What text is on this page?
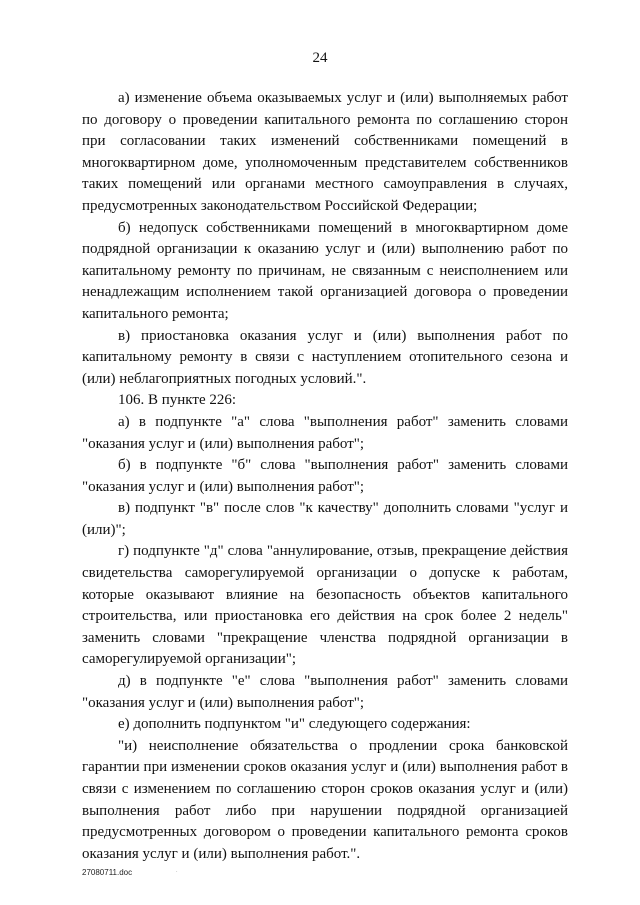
24

а) изменение объема оказываемых услуг и (или) выполняемых работ по договору о проведении капитального ремонта по соглашению сторон при согласовании таких изменений собственниками помещений в многоквартирном доме, уполномоченным представителем собственников таких помещений или органами местного самоуправления в случаях, предусмотренных законодательством Российской Федерации;

б) недопуск собственниками помещений в многоквартирном доме подрядной организации к оказанию услуг и (или) выполнению работ по капитальному ремонту по причинам, не связанным с неисполнением или ненадлежащим исполнением такой организацией договора о проведении капитального ремонта;

в) приостановка оказания услуг и (или) выполнения работ по капитальному ремонту в связи с наступлением отопительного сезона и (или) неблагоприятных погодных условий.".

106. В пункте 226:

а) в подпункте "а" слова "выполнения работ" заменить словами "оказания услуг и (или) выполнения работ";

б) в подпункте "б" слова "выполнения работ" заменить словами "оказания услуг и (или) выполнения работ";

в) подпункт "в" после слов "к качеству" дополнить словами "услуг и (или)";

г) подпункте "д" слова "аннулирование, отзыв, прекращение действия свидетельства саморегулируемой организации о допуске к работам, которые оказывают влияние на безопасность объектов капитального строительства, или приостановка его действия на срок более 2 недель" заменить словами "прекращение членства подрядной организации в саморегулируемой организации";

д) в подпункте "е" слова "выполнения работ" заменить словами "оказания услуг и (или) выполнения работ";

е) дополнить подпунктом "и" следующего содержания:

"и) неисполнение обязательства о продлении срока банковской гарантии при изменении сроков оказания услуг и (или) выполнения работ в связи с изменением по соглашению сторон сроков оказания услуг и (или) выполнения работ либо при нарушении подрядной организацией предусмотренных договором о проведении капитального ремонта сроков оказания услуг и (или) выполнения работ.".

27080711.doc	.
